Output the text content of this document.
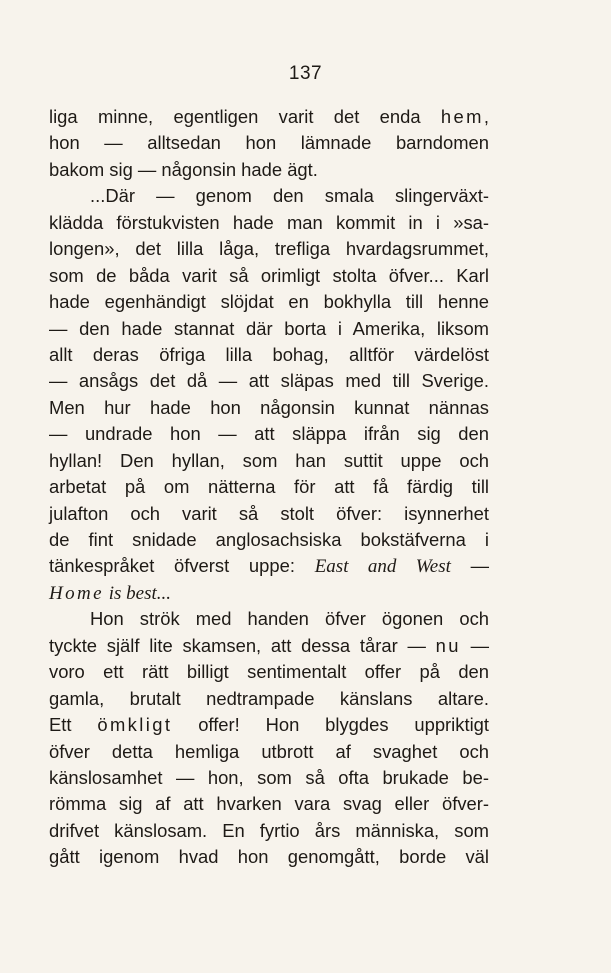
137
liga minne, egentligen varit det enda hem,
hon — alltsedan hon lämnade barndomen
bakom sig — någonsin hade ägt.
...Där — genom den smala slingerväxt-
klädda förstukvisten hade man kommit in i »sa-
longen», det lilla låga, trefliga hvardagsrummet,
som de båda varit så orimligt stolta öfver... Karl
hade egenhändigt slöjdat en bokhylla till henne
— den hade stannat där borta i Amerika, liksom
allt deras öfriga lilla bohag, alltför värdelöst
— ansågs det då — att släpas med till Sverige.
Men hur hade hon någonsin kunnat nännas
— undrade hon — att släppa ifrån sig den
hyllan! Den hyllan, som han suttit uppe och
arbetat på om nätterna för att få färdig till
julafton och varit så stolt öfver: isynnerhet
de fint snidade anglosachsiska bokstäfverna i
tänkespråket öfverst uppe: East and West —
Home is best...
Hon strök med handen öfver ögonen och
tyckte själf lite skamsen, att dessa tårar — nu —
voro ett rätt billigt sentimentalt offer på den
gamla, brutalt nedtrampade känslans altare.
Ett ömkligt offer! Hon blygdes uppriktigt
öfver detta hemliga utbrott af svaghet och
känslosamhet — hon, som så ofta brukade be-
römma sig af att hvarken vara svag eller öfver-
drifvet känslosam. En fyrtio års människa, som
gått igenom hvad hon genomgått, borde väl
